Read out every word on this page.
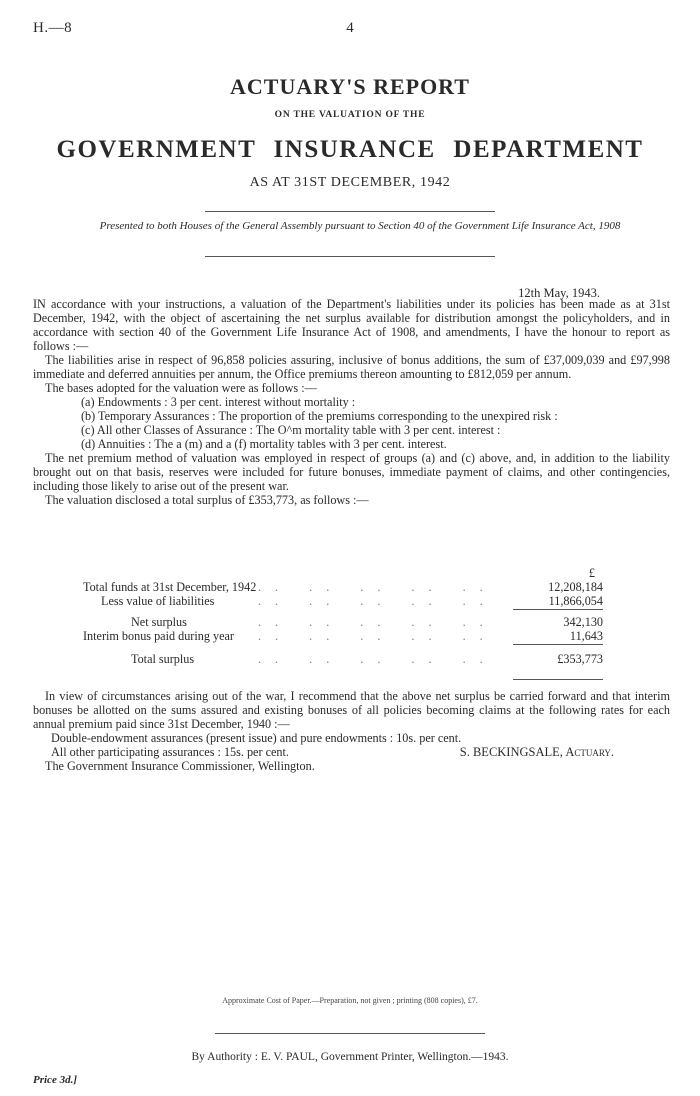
H.—8	4
ACTUARY'S REPORT
ON THE VALUATION OF THE
GOVERNMENT INSURANCE DEPARTMENT
AS AT 31ST DECEMBER, 1942
Presented to both Houses of the General Assembly pursuant to Section 40 of the Government Life Insurance Act, 1908
12th May, 1943.

IN accordance with your instructions, a valuation of the Department's liabilities under its policies has been made as at 31st December, 1942, with the object of ascertaining the net surplus available for distribution amongst the policyholders, and in accordance with section 40 of the Government Life Insurance Act of 1908, and amendments, I have the honour to report as follows :—

The liabilities arise in respect of 96,858 policies assuring, inclusive of bonus additions, the sum of £37,009,039 and £97,998 immediate and deferred annuities per annum, the Office premiums thereon amounting to £812,059 per annum.

The bases adopted for the valuation were as follows :—

(a) Endowments : 3 per cent. interest without mortality :
(b) Temporary Assurances : The proportion of the premiums corresponding to the unexpired risk :
(c) All other Classes of Assurance : The O^m mortality table with 3 per cent. interest :
(d) Annuities : The a (m) and a (f) mortality tables with 3 per cent. interest.

The net premium method of valuation was employed in respect of groups (a) and (c) above, and, in addition to the liability brought out on that basis, reserves were included for future bonuses, immediate payment of claims, and other contingencies, including those likely to arise out of the present war.

The valuation disclosed a total surplus of £353,773, as follows :—

£
Total funds at 31st December, 1942 .. .. .. .. ..	12,208,184
Less value of liabilities	.. .. .. .. ..	11,866,054
Net surplus	.. .. .. .. ..	342,130
Interim bonus paid during year .. .. .. .. ..	11,643
Total surplus	.. .. .. .. ..	£353,773

In view of circumstances arising out of the war, I recommend that the above net surplus be carried forward and that interim bonuses be allotted on the sums assured and existing bonuses of all policies becoming claims at the following rates for each annual premium paid since 31st December, 1940 :—

Double-endowment assurances (present issue) and pure endowments : 10s. per cent.
All other participating assurances : 15s. per cent.	S. BECKINGSALE, Actuary.
The Government Insurance Commissioner, Wellington.
Approximate Cost of Paper.—Preparation, not given ; printing (808 copies), £7.
By Authority : E. V. PAUL, Government Printer, Wellington.—1943.
Price 3d.]
